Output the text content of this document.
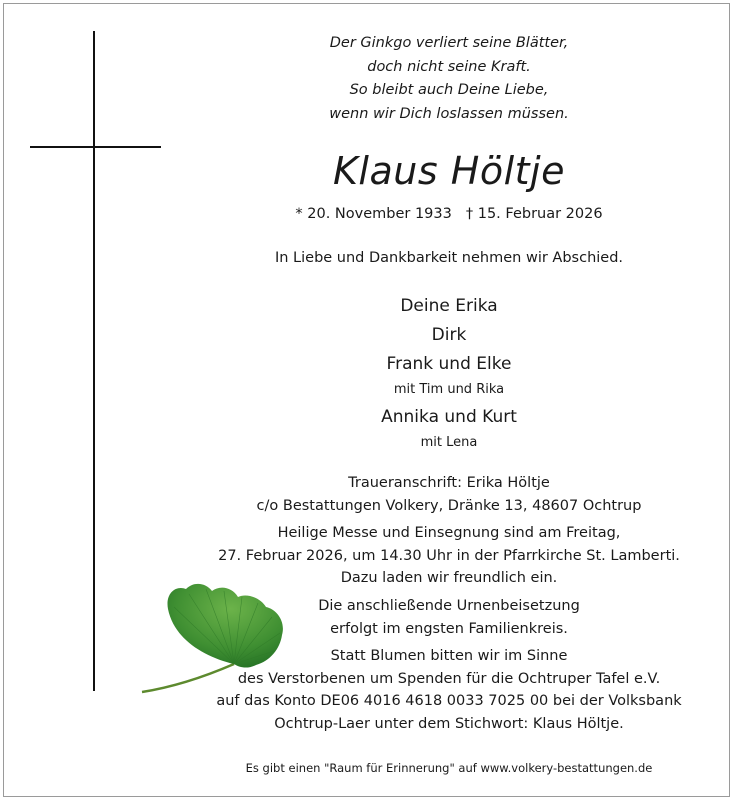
Der Ginkgo verliert seine Blätter,
doch nicht seine Kraft.
So bleibt auch Deine Liebe,
wenn wir Dich loslassen müssen.
Klaus Höltje
* 20. November 1933 † 15. Februar 2026
In Liebe und Dankbarkeit nehmen wir Abschied.
Deine Erika
Dirk
Frank und Elke
mit Tim und Rika
Annika und Kurt
mit Lena
Traueranschrift: Erika Höltje
c/o Bestattungen Volkery, Dränke 13, 48607 Ochtrup
Heilige Messe und Einsegnung sind am Freitag,
27. Februar 2026, um 14.30 Uhr in der Pfarrkirche St. Lamberti.
Dazu laden wir freundlich ein.
Die anschließende Urnenbeisetzung
erfolgt im engsten Familienkreis.
Statt Blumen bitten wir im Sinne
des Verstorbenen um Spenden für die Ochtruper Tafel e.V.
auf das Konto DE06 4016 4618 0033 7025 00 bei der Volksbank
Ochtrup-Laer unter dem Stichwort: Klaus Höltje.
Es gibt einen "Raum für Erinnerung" auf www.volkery-bestattungen.de
